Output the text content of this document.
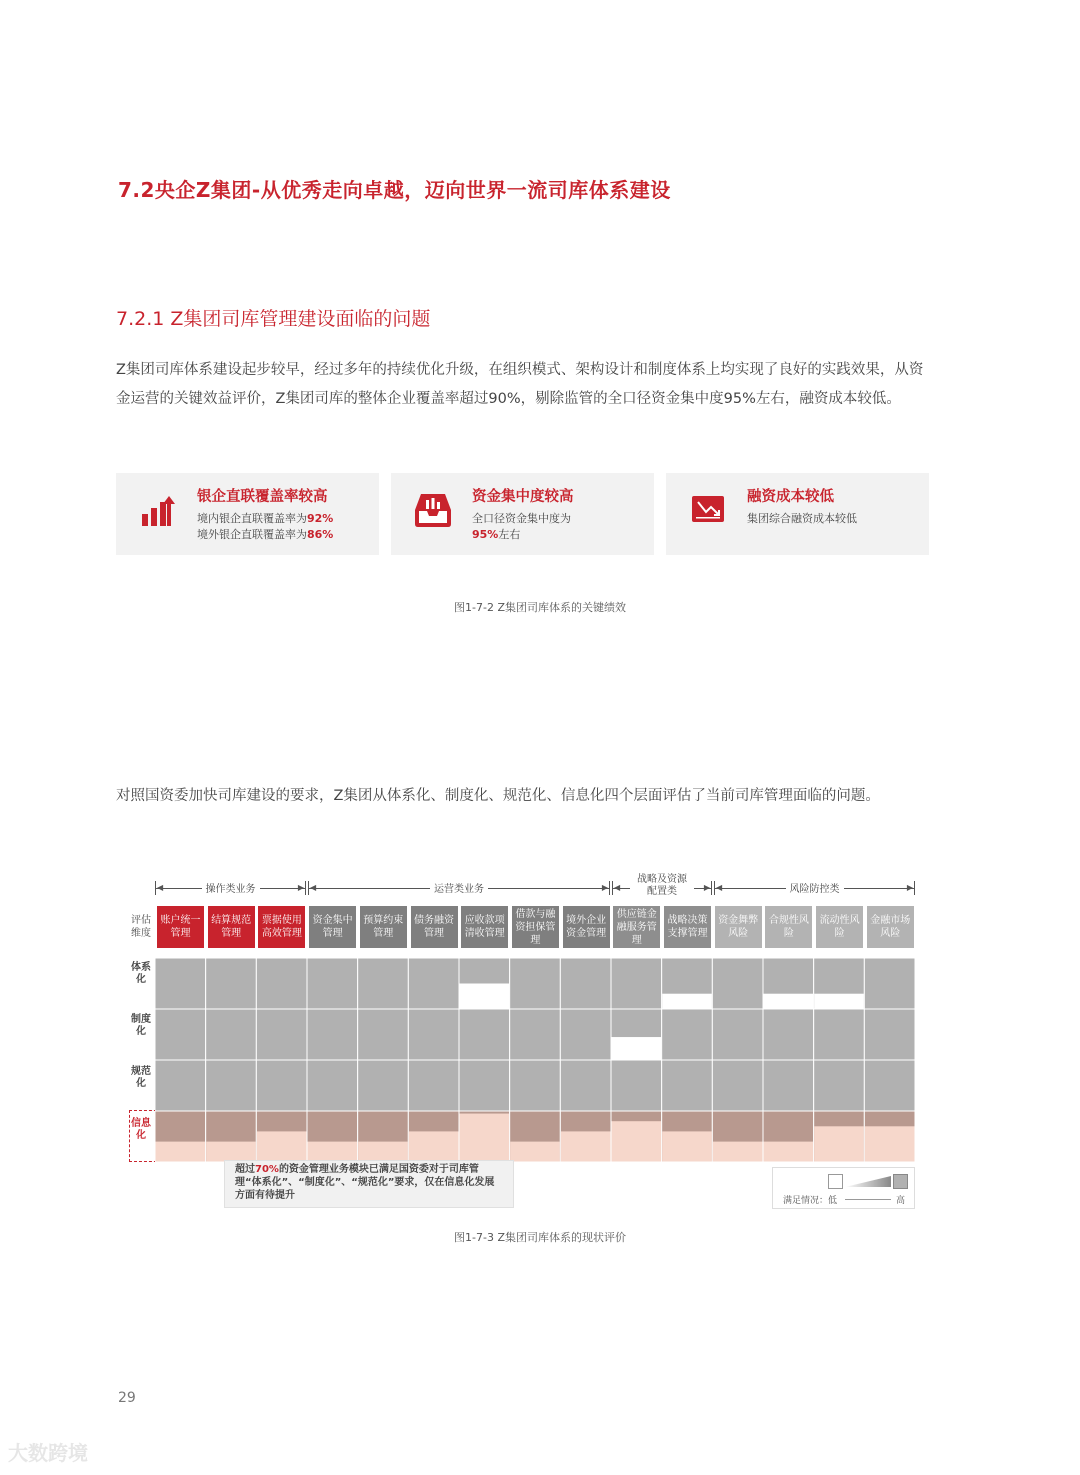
7.2央企Z集团-从优秀走向卓越，迈向世界一流司库体系建设
7.2.1 Z集团司库管理建设面临的问题
Z集团司库体系建设起步较早，经过多年的持续优化升级，在组织模式、架构设计和制度体系上均实现了良好的实践效果，从资金运营的关键效益评价，Z集团司库的整体企业覆盖率超过90%，剔除监管的全口径资金集中度95%左右，融资成本较低。
银企直联覆盖率较高
境内银企直联覆盖率为92%
境外银企直联覆盖率为86%
资金集中度较高
全口径资金集中度为
95%左右
融资成本较低
集团综合融资成本较低
图1-7-2 Z集团司库体系的关键绩效
对照国资委加快司库建设的要求，Z集团从体系化、制度化、规范化、信息化四个层面评估了当前司库管理面临的问题。
◀	▶
操作类业务	◀	▶
运营类业务	◀	▶
战略及资源配置类	◀	▶
风险防控类
评估维度
账户统一管理
结算规范管理
票据使用高效管理
资金集中管理
预算约束管理
债务融资管理
应收款项清收管理
借款与融资担保管理
境外企业资金管理
供应链金融服务管理
战略决策支撑管理
资金舞弊风险
合规性风险
流动性风险
金融市场风险
体系化
制度化
规范化
信息化
超过70%的资金管理业务模块已满足国资委对于司库管理“体系化”、“制度化”、“规范化”要求，仅在信息化发展方面有待提升	满足情况：低	高
图1-7-3 Z集团司库体系的现状评价
29
大数跨境
